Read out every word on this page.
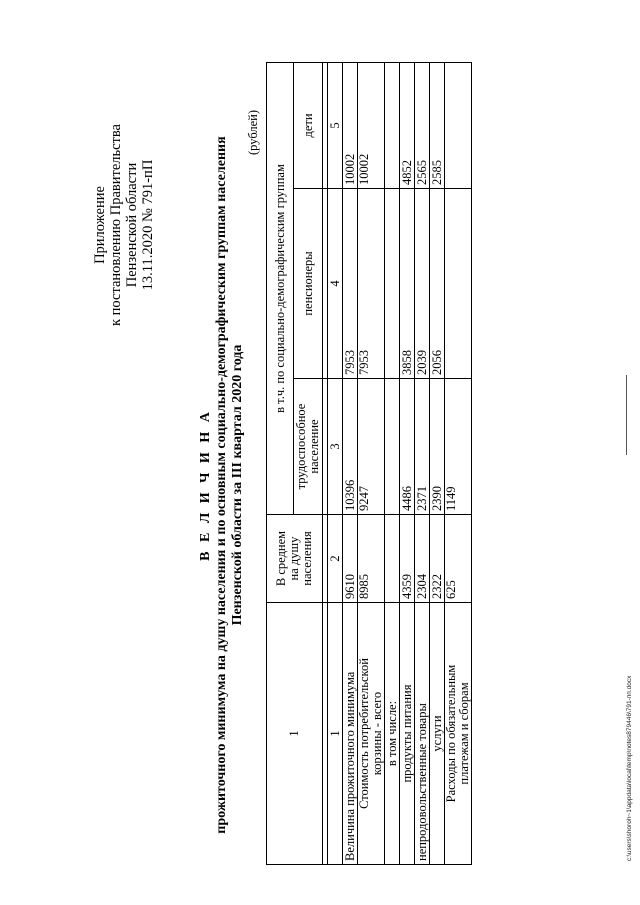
Приложение к постановлению Правительства Пензенской области 13.11.2020 № 791-пП
В Е Л И Ч И Н А прожиточного минимума на душу населения и по основным социально-демографическим группам населения Пензенской области за III квартал 2020 года
(рублей)
1	В среднем на душу населения	в т.ч. по социально-демографическим группам		

		трудоспособное население	пенсионеры	дети

1	2	3	4	5
Величина прожиточного минимума	9610	10396	7953	10002

Стоимость потребительской корзины - всего	8985	9247	7953	10002
в том числе:				
продукты питания	4359	4486	3858	4852
непродовольственные товары	2304	2371	2039	2565
услуги	2322	2390	2056	2585

Расходы по обязательным платежам и сборам	625	1149		
c:\users\shoroh~1\appdata\local\temp\notes879446\791-пп.docx
